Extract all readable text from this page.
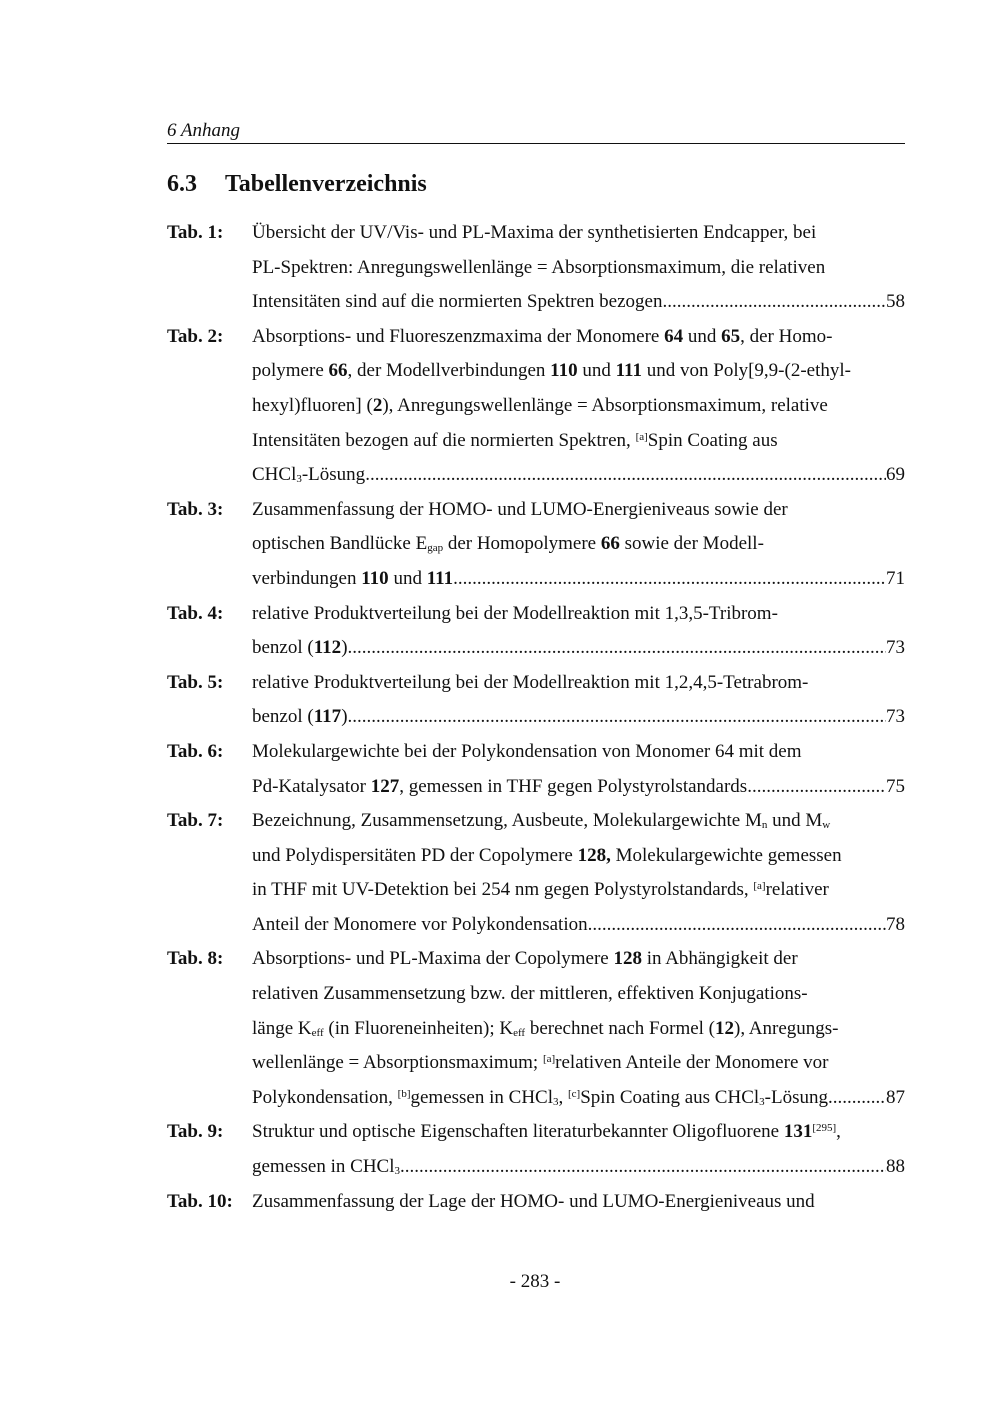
6 Anhang
6.3 Tabellenverzeichnis
Tab. 1:	Übersicht der UV/Vis- und PL-Maxima der synthetisierten Endcapper, bei
PL-Spektren: Anregungswellenlänge = Absorptionsmaximum, die relativen
Intensitäten sind auf die normierten Spektren bezogen .....	58
Tab. 2:	Absorptions- und Fluoreszenzmaxima der Monomere 64 und 65, der Homo-
polymere 66, der Modellverbindungen 110 und 111 und von Poly[9,9-(2-ethyl-
hexyl)fluoren] (2), Anregungswellenlänge = Absorptionsmaximum, relative
Intensitäten bezogen auf die normierten Spektren, [a]Spin Coating aus
CHCl$_3$-Lösung .....	69
Tab. 3:	Zusammenfassung der HOMO- und LUMO-Energieniveaus sowie der
optischen Bandlücke $E_{gap}$ der Homopolymere 66 sowie der Modell-
verbindungen 110 und 111 .....	71
Tab. 4:	relative Produktverteilung bei der Modellreaktion mit 1,3,5-Tribrom-
benzol (112) .....	73
Tab. 5:	relative Produktverteilung bei der Modellreaktion mit 1,2,4,5-Tetrabrom-
benzol (117) .....	73
Tab. 6:	Molekulargewichte bei der Polykondensation von Monomer 64 mit dem
Pd-Katalysator 127, gemessen in THF gegen Polystyrolstandards .....	75
Tab. 7:	Bezeichnung, Zusammensetzung, Ausbeute, Molekulargewichte $M_n$ und $M_w$
und Polydispersitäten PD der Copolymere 128, Molekulargewichte gemessen
in THF mit UV-Detektion bei 254 nm gegen Polystyrolstandards, [a]relativer
Anteil der Monomere vor Polykondensation .....	78
Tab. 8:	Absorptions- und PL-Maxima der Copolymere 128 in Abhängigkeit der
relativen Zusammensetzung bzw. der mittleren, effektiven Konjugations-
länge $K_{eff}$ (in Fluoreneinheiten); $K_{eff}$ berechnet nach Formel (12), Anregungs-
wellenlänge = Absorptionsmaximum; [a]relativen Anteile der Monomere vor
Polykondensation, [b]gemessen in CHCl$_3$, [c]Spin Coating aus CHCl$_3$-Lösung .....	87
Tab. 9:	Struktur und optische Eigenschaften literaturbekannter Oligofluorene 131[295],
gemessen in CHCl$_3$ .....	88
Tab. 10:	Zusammenfassung der Lage der HOMO- und LUMO-Energieniveaus und
- 283 -
